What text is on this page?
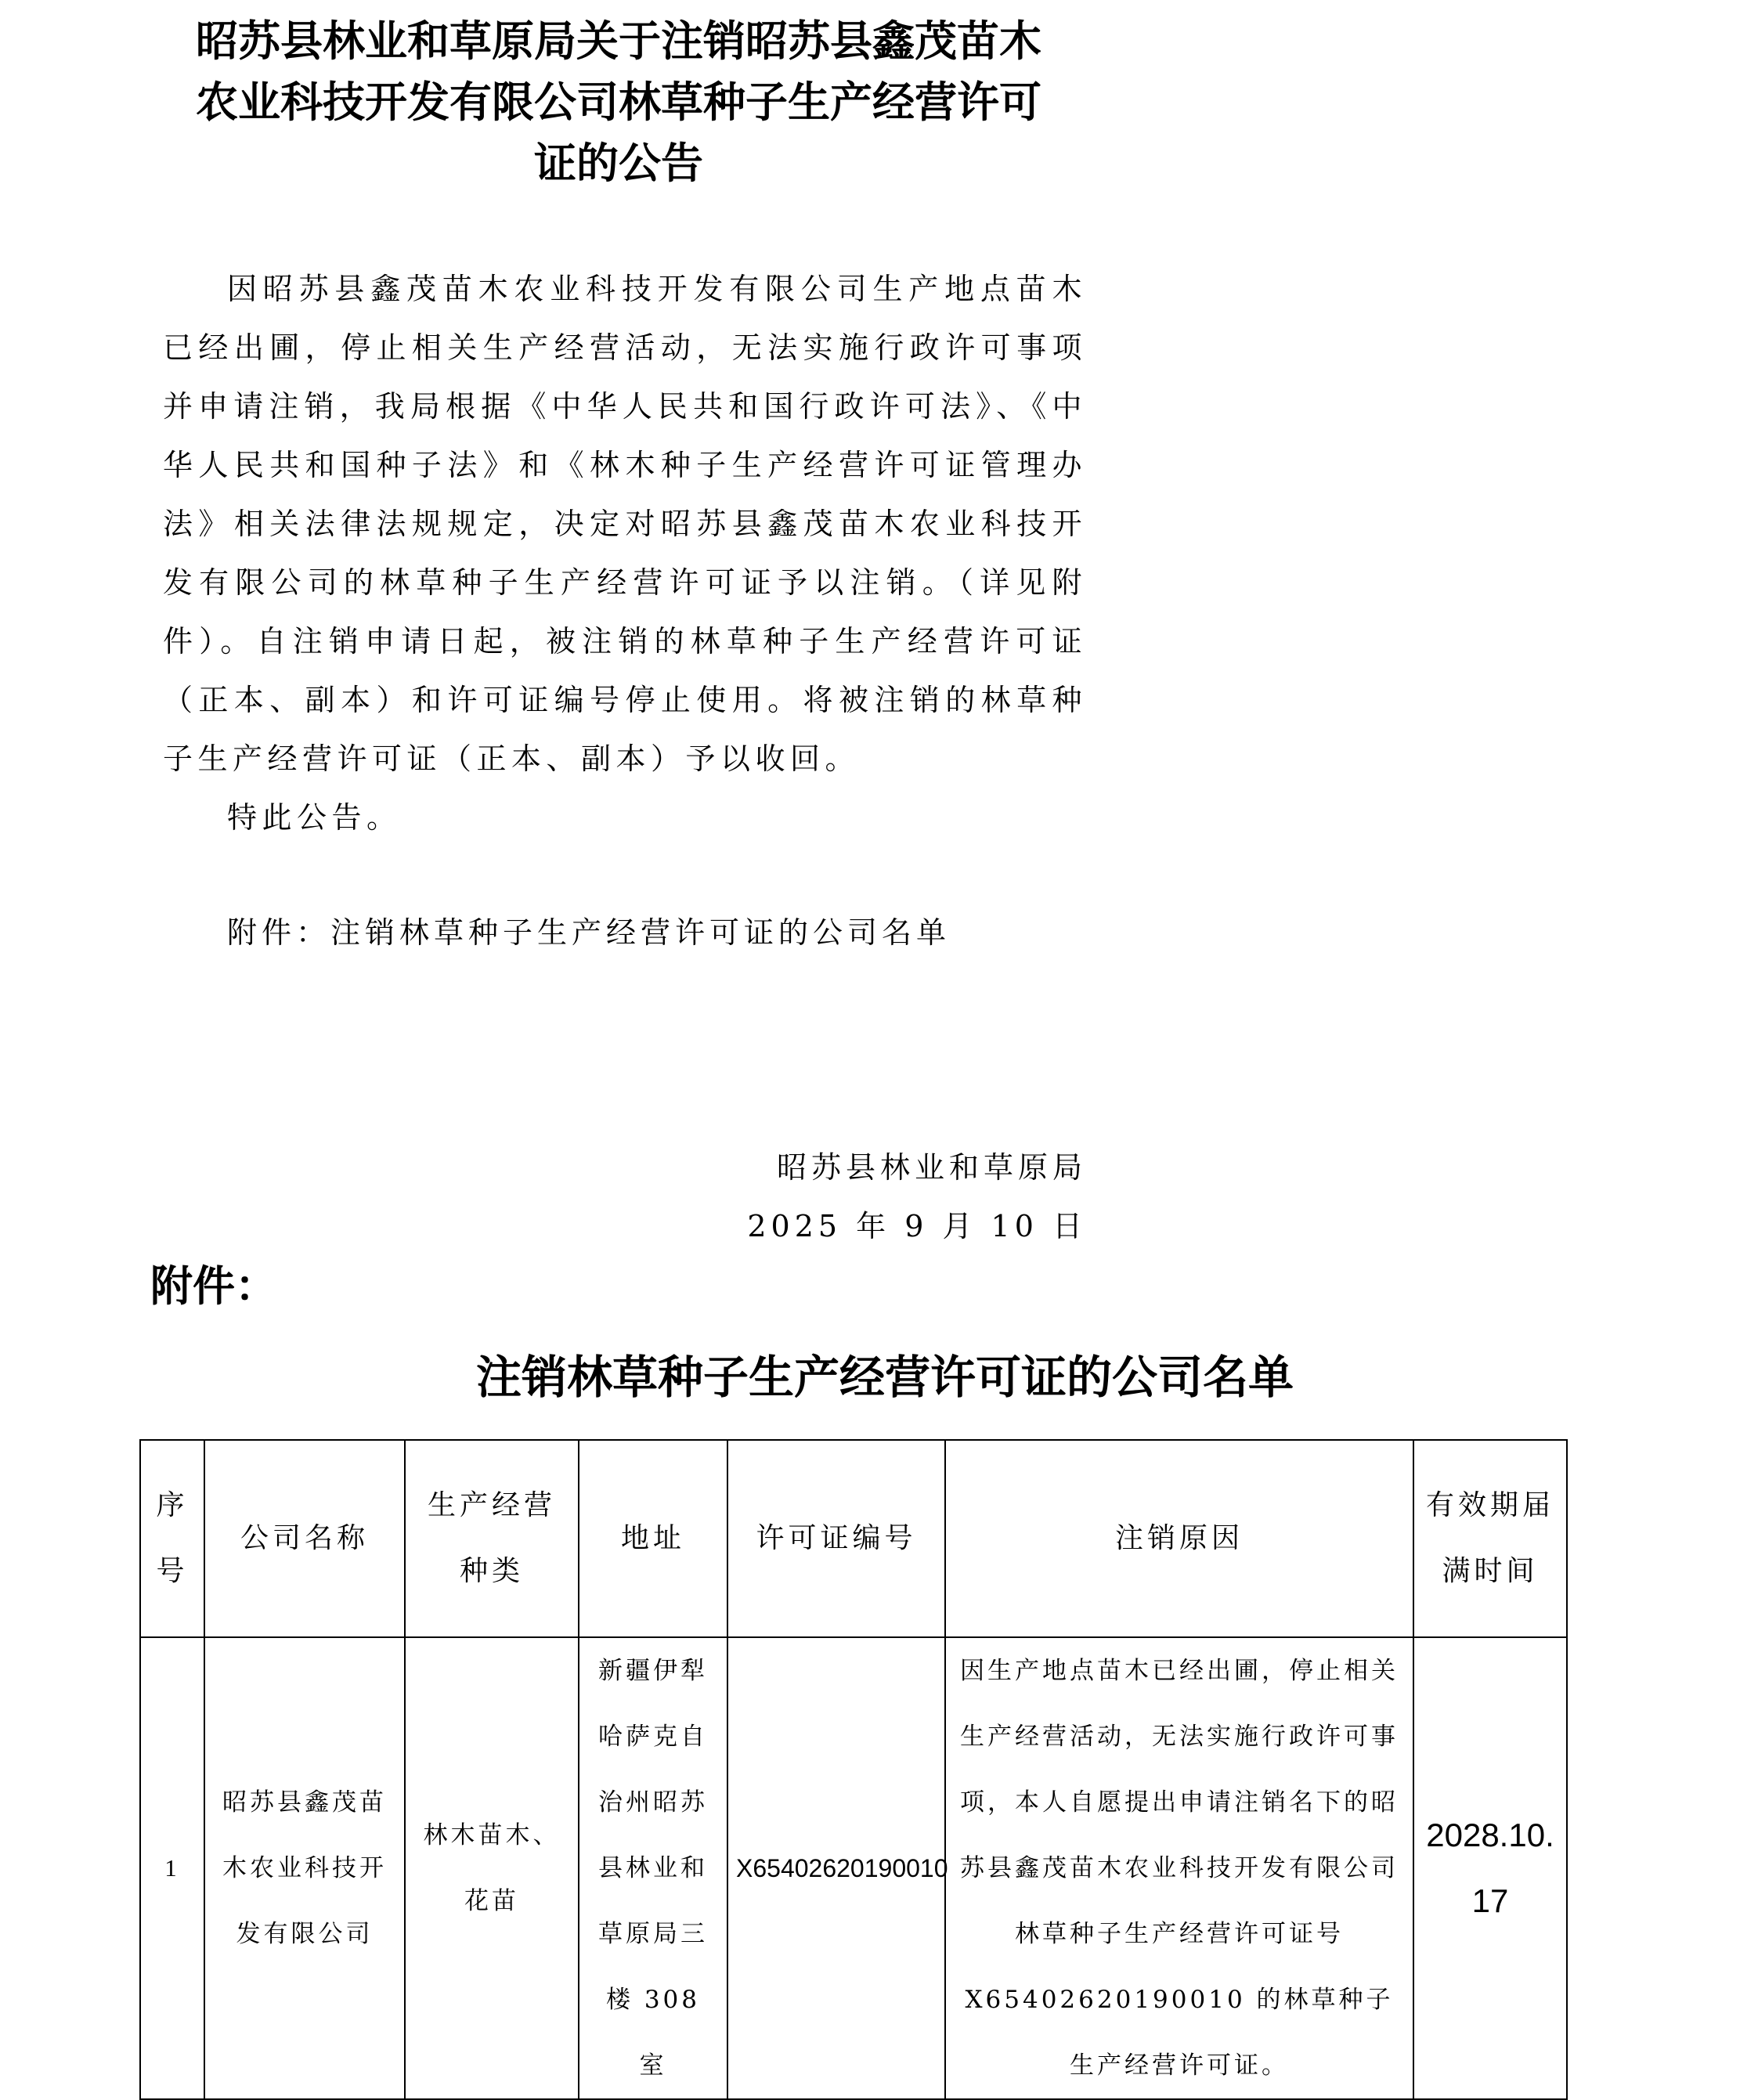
昭苏县林业和草原局关于注销昭苏县鑫茂苗木
农业科技开发有限公司林草种子生产经营许可
证的公告

因昭苏县鑫茂苗木农业科技开发有限公司生产地点苗木已经出圃，停止相关生产经营活动，无法实施行政许可事项并申请注销，我局根据《中华人民共和国行政许可法》、《中华人民共和国种子法》和《林木种子生产经营许可证管理办法》相关法律法规规定，决定对昭苏县鑫茂苗木农业科技开发有限公司的林草种子生产经营许可证予以注销。（详见附件）。自注销申请日起，被注销的林草种子生产经营许可证（正本、副本）和许可证编号停止使用。将被注销的林草种子生产经营许可证（正本、副本）予以收回。

特此公告。

附件：注销林草种子生产经营许可证的公司名单

昭苏县林业和草原局
2025 年 9 月 10 日
附件：
注销林草种子生产经营许可证的公司名单
序号	公司名称	生产经营种类	地址	许可证编号	注销原因	有效期届满时间
1	昭苏县鑫茂苗木农业科技开发有限公司	林木苗木、花苗	新疆伊犁哈萨克自治州昭苏县林业和草原局三楼 308 室	X65402620190010	因生产地点苗木已经出圃，停止相关生产经营活动，无法实施行政许可事项，本人自愿提出申请注销名下的昭苏县鑫茂苗木农业科技开发有限公司林草种子生产经营许可证号 X65402620190010 的林草种子生产经营许可证。	2028.10.17
